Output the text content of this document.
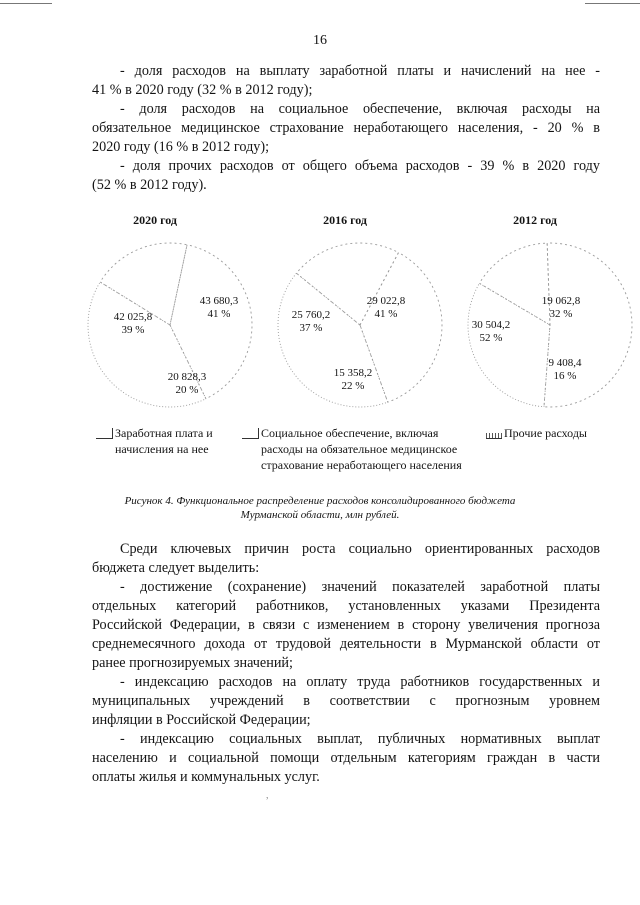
16
- доля расходов на выплату заработной платы и начислений на нее -
41 % в 2020 году (32 % в 2012 году);
- доля расходов на социальное обеспечение, включая расходы на
обязательное медицинское страхование неработающего населения, - 20 % в
2020 году (16 % в 2012 году);
- доля прочих расходов от общего объема расходов - 39 % в 2020 году
(52 % в 2012 году).
2020 год	2016 год	2012 год
42 025,8
39 %
43 680,3
41 %
20 828,3
20 %
25 760,2
37 %
29 022,8
41 %
15 358,2
22 %
30 504,2
52 %
19 062,8
32 %
9 408,4
16 %
Заработная плата и
начисления на нее
Социальное обеспечение, включая
расходы на обязательное медицинское
страхование неработающего населения
Прочие расходы
Рисунок 4. Функциональное распределение расходов консолидированного бюджета
Мурманской области, млн рублей.
Среди ключевых причин роста социально ориентированных расходов
бюджета следует выделить:
- достижение (сохранение) значений показателей заработной платы
отдельных категорий работников, установленных указами Президента
Российской Федерации, в связи с изменением в сторону увеличения прогноза
среднемесячного дохода от трудовой деятельности в Мурманской области от
ранее прогнозируемых значений;
- индексацию расходов на оплату труда работников государственных и
муниципальных учреждений в соответствии с прогнозным уровнем
инфляции в Российской Федерации;
- индексацию социальных выплат, публичных нормативных выплат
населению и социальной помощи отдельным категориям граждан в части
оплаты жилья и коммунальных услуг.
,
